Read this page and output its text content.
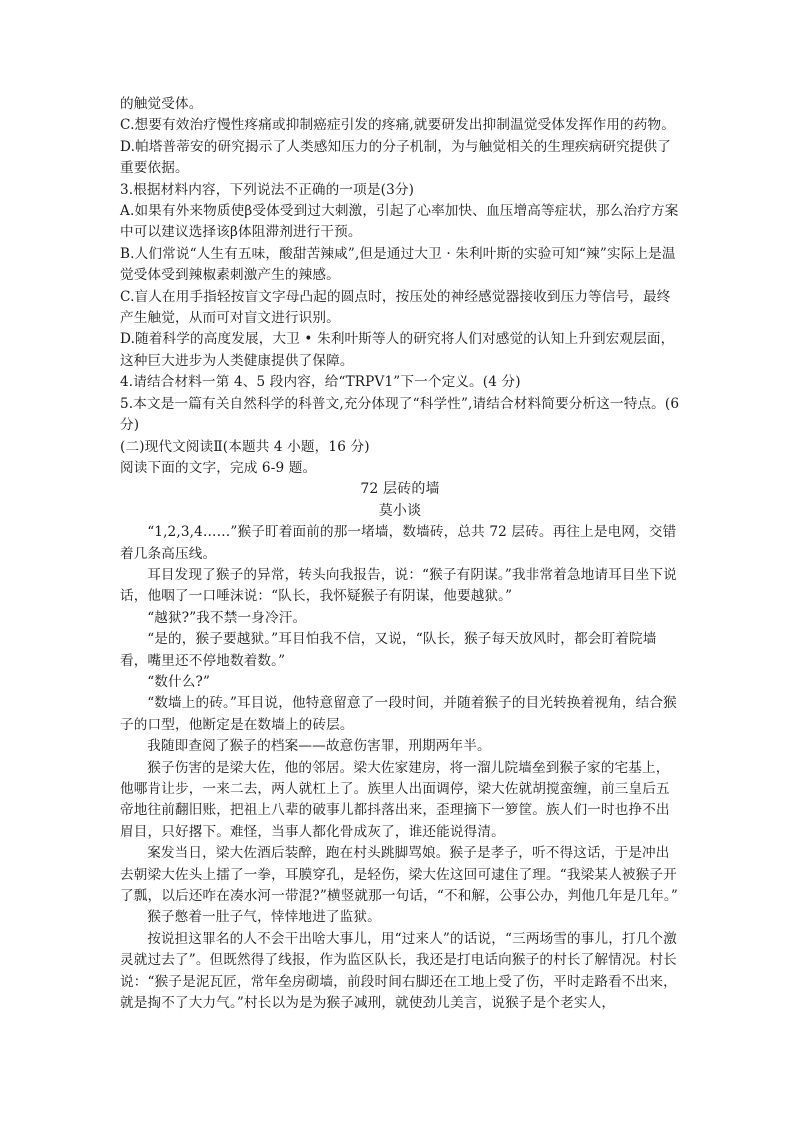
的触觉受体。

C.想要有效治疗慢性疼痛或抑制癌症引发的疼痛,就要研发出抑制温觉受体发挥作用的药物。

D.帕塔普蒂安的研究揭示了人类感知压力的分子机制，为与触觉相关的生理疾病研究提供了重要依据。

3.根据材料内容，下列说法不正确的一项是(3分)

A.如果有外来物质使β受体受到过大刺激，引起了心率加快、血压增高等症状，那么治疗方案中可以建议选择该β体阻滞剂进行干预。

B.人们常说“人生有五味，酸甜苦辣咸”,但是通过大卫 · 朱利叶斯的实验可知“辣”实际上是温觉受体受到辣椒素刺激产生的辣感。

C.盲人在用手指轻按盲文字母凸起的圆点时，按压处的神经感觉器接收到压力等信号，最终产生触觉，从而可对盲文进行识别。

D.随着科学的高度发展，大卫 • 朱利叶斯等人的研究将人们对感觉的认知上升到宏观层面，这种巨大进步为人类健康提供了保障。

4.请结合材料一第 4、5 段内容，给“TRPV1”下一个定义。(4 分)

5.本文是一篇有关自然科学的科普文,充分体现了“科学性”,请结合材料简要分析这一特点。(6 分)

(二)现代文阅读Ⅱ(本题共 4 小题，16 分)

阅读下面的文字，完成 6-9 题。

72 层砖的墙

莫小谈

“1,2,3,4……”猴子盯着面前的那一堵墙，数墙砖，总共 72 层砖。再往上是电网，交错着几条高压线。

耳目发现了猴子的异常，转头向我报告，说：“猴子有阴谋。”我非常着急地请耳目坐下说话，他咽了一口唾沫说：“队长，我怀疑猴子有阴谋，他要越狱。”

“越狱?”我不禁一身冷汗。

“是的，猴子要越狱。”耳目怕我不信，又说，“队长，猴子每天放风时，都会盯着院墙看，嘴里还不停地数着数。”

“数什么?”

“数墙上的砖。”耳目说，他特意留意了一段时间，并随着猴子的目光转换着视角，结合猴子的口型，他断定是在数墙上的砖层。

我随即查阅了猴子的档案——故意伤害罪，刑期两年半。

猴子伤害的是梁大佐，他的邻居。梁大佐家建房，将一溜儿院墙垒到猴子家的宅基上，他哪肯让步，一来二去，两人就杠上了。族里人出面调停，梁大佐就胡搅蛮缠，前三皇后五帝地往前翻旧账，把祖上八辈的破事儿都抖落出来，歪理摘下一箩筐。族人们一时也挣不出眉目，只好撂下。难怪，当事人都化骨成灰了，谁还能说得清。

案发当日，梁大佐酒后装醉，跑在村头跳脚骂娘。猴子是孝子，听不得这话，于是冲出去朝梁大佐头上擂了一拳，耳膜穿孔，是轻伤，梁大佐这回可逮住了理。“我梁某人被猴子开了瓢，以后还咋在凑水河一带混?”横竖就那一句话，“不和解，公事公办，判他几年是几年。”

猴子憋着一肚子气，悻悻地进了监狱。

按说担这罪名的人不会干出啥大事儿，用“过来人”的话说，“三两场雪的事儿，打几个激灵就过去了”。但既然得了线报，作为监区队长，我还是打电话向猴子的村长了解情况。村长说：“猴子是泥瓦匠，常年垒房砌墙，前段时间右脚还在工地上受了伤，平时走路看不出来，就是掏不了大力气。”村长以为是为猴子减刑，就使劲儿美言，说猴子是个老实人，
